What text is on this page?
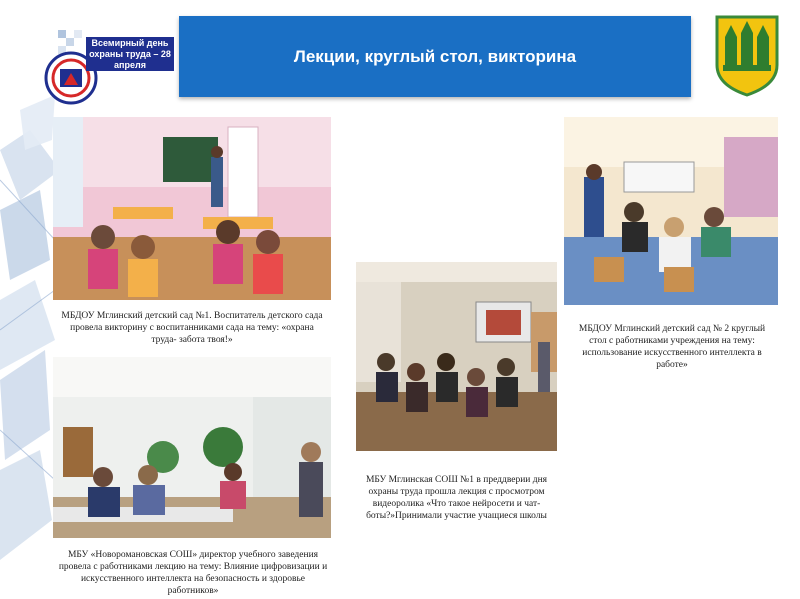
Всемирный день охраны труда – 28 апреля	Лекции, круглый стол, викторина
МБДОУ Мглинский детский сад №1. Воспитатель детского сада провела викторину с воспитанниками сада на тему: «охрана труда- забота твоя!»
МБДОУ Мглинский детский сад № 2 круглый стол с работниками учреждения на тему: использование искусственного интеллекта в работе»
МБУ Мглинская СОШ №1 в преддверии дня охраны труда прошла лекция с просмотром видеоролика «Что такое нейросети и чат-боты?»Принимали участие учащиеся школы
МБУ «Новоромановская СОШ» директор учебного заведения провела с работниками лекцию на тему: Влияние цифровизации и искусственного интеллекта на безопасность и здоровье работников»
